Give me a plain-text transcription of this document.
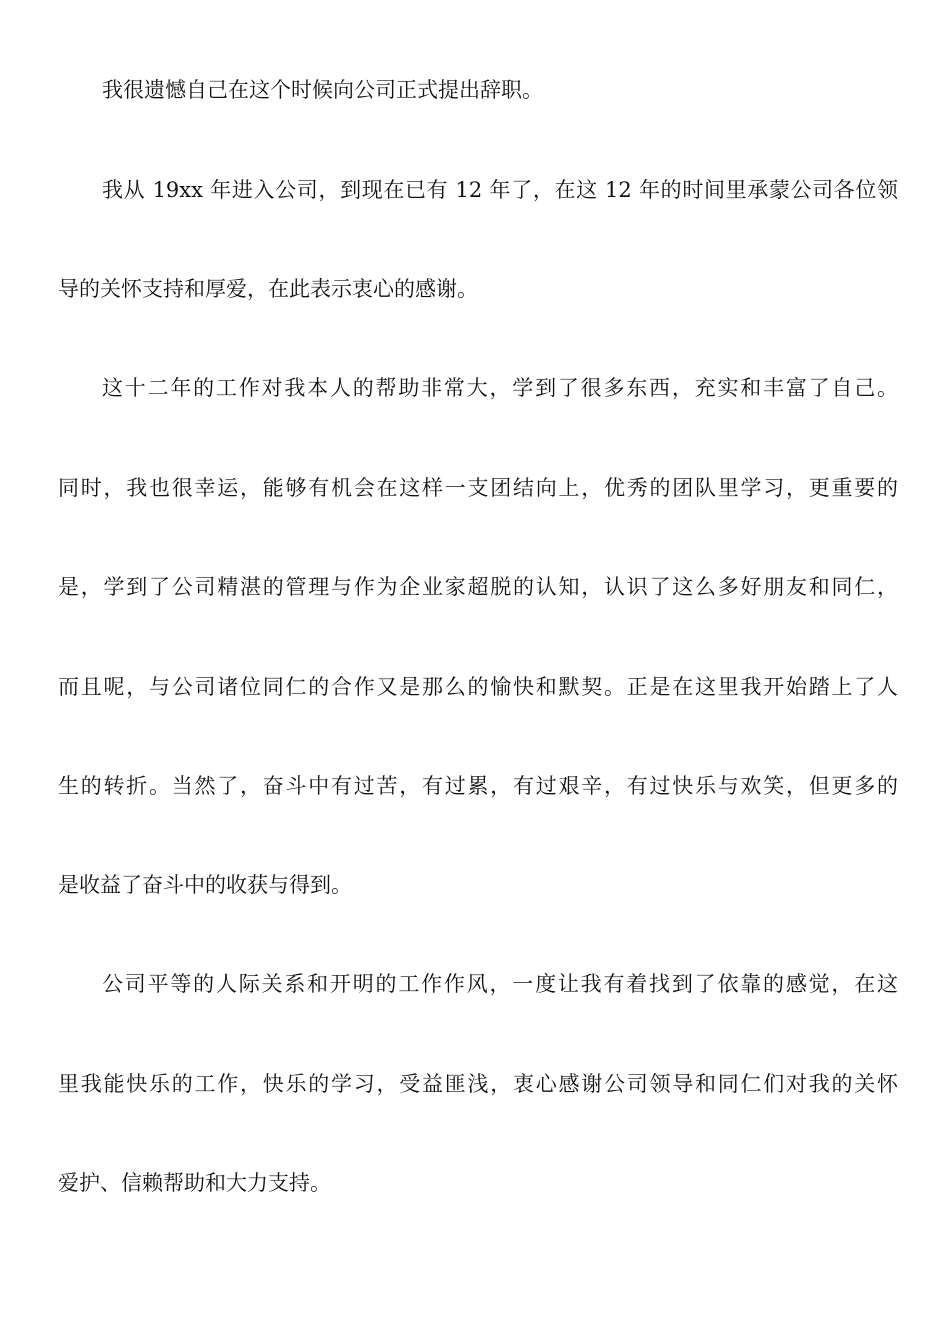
我很遗憾自己在这个时候向公司正式提出辞职。
我从 19xx 年进入公司，到现在已有 12 年了，在这 12 年的时间里承蒙公司各位领
导的关怀支持和厚爱，在此表示衷心的感谢。
这十二年的工作对我本人的帮助非常大，学到了很多东西，充实和丰富了自己。
同时，我也很幸运，能够有机会在这样一支团结向上，优秀的团队里学习，更重要的
是，学到了公司精湛的管理与作为企业家超脱的认知，认识了这么多好朋友和同仁，
而且呢，与公司诸位同仁的合作又是那么的愉快和默契。正是在这里我开始踏上了人
生的转折。当然了，奋斗中有过苦，有过累，有过艰辛，有过快乐与欢笑，但更多的
是收益了奋斗中的收获与得到。
公司平等的人际关系和开明的工作作风，一度让我有着找到了依靠的感觉，在这
里我能快乐的工作，快乐的学习，受益匪浅，衷心感谢公司领导和同仁们对我的关怀
爱护、信赖帮助和大力支持。
